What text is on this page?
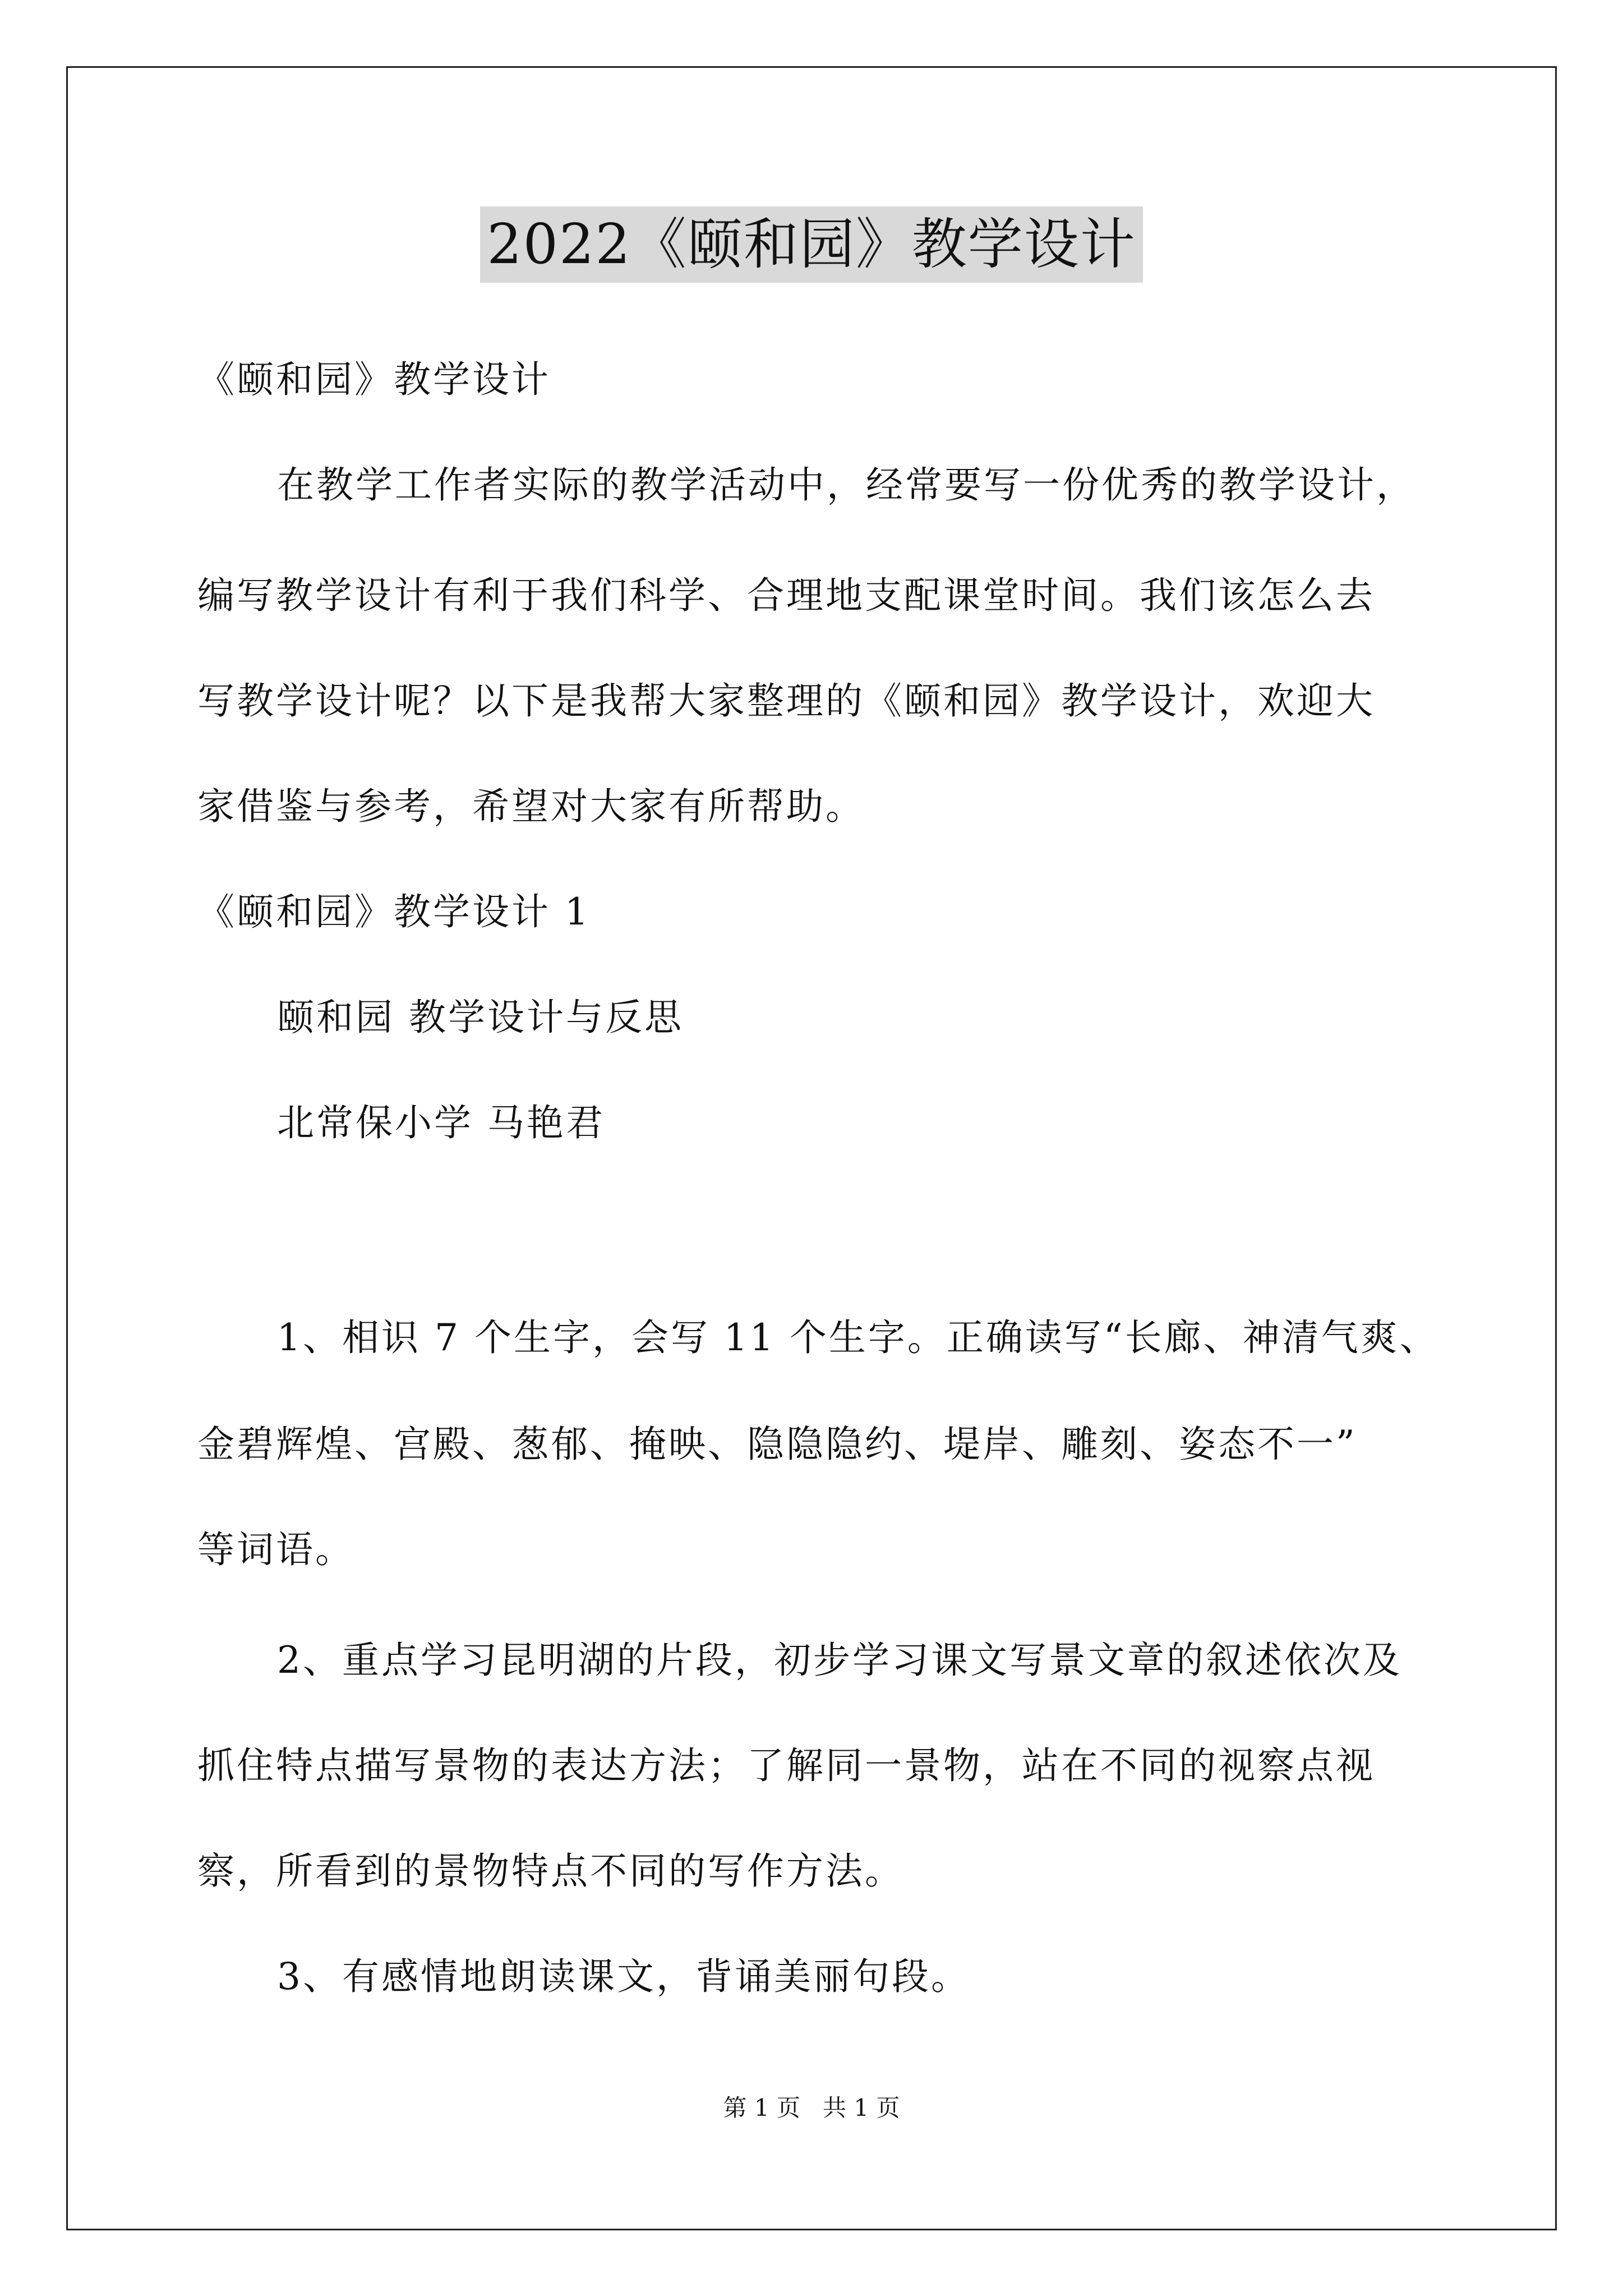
2022《颐和园》教学设计
《颐和园》教学设计
在教学工作者实际的教学活动中，经常要写一份优秀的教学设计，
编写教学设计有利于我们科学、合理地支配课堂时间。我们该怎么去
写教学设计呢？以下是我帮大家整理的《颐和园》教学设计，欢迎大
家借鉴与参考，希望对大家有所帮助。
《颐和园》教学设计 1
颐和园 教学设计与反思
北常保小学 马艳君
1、相识 7 个生字，会写 11 个生字。正确读写“长廊、神清气爽、
金碧辉煌、宫殿、葱郁、掩映、隐隐隐约、堤岸、雕刻、姿态不一”
等词语。
2、重点学习昆明湖的片段，初步学习课文写景文章的叙述依次及
抓住特点描写景物的表达方法；了解同一景物，站在不同的视察点视
察，所看到的景物特点不同的写作方法。
3、有感情地朗读课文，背诵美丽句段。
第 1 页   共 1 页
